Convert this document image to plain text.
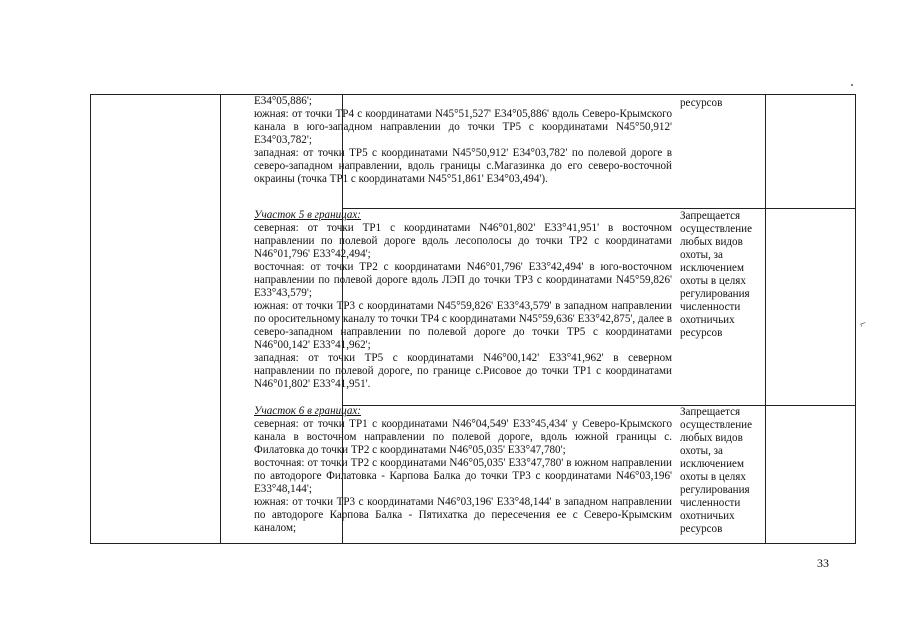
E34°05,886';

южная: от точки ТР4 с координатами N45°51,527' E34°05,886' вдоль Северо-Крымского канала в юго-западном направлении до точки ТР5 с координатами N45°50,912' E34°03,782';

западная: от точки ТР5 с координатами N45°50,912' E34°03,782' по полевой дороге в северо-западном направлении, вдоль границы с.Магазинка до его северо-восточной окраины (точка ТР1 с координатами N45°51,861' E34°03,494').

ресурсов

Участок 5 в границах:

северная: от точки ТР1 с координатами N46°01,802' E33°41,951' в восточном направлении по полевой дороге вдоль лесополосы до точки ТР2 с координатами N46°01,796' E33°42,494';

восточная: от точки ТР2 с координатами N46°01,796' E33°42,494' в юго-восточном направлении по полевой дороге вдоль ЛЭП до точки ТР3 с координатами N45°59,826' E33°43,579';

южная: от точки ТР3 с координатами N45°59,826' E33°43,579' в западном направлении по оросительному каналу то точки ТР4 с координатами N45°59,636' E33°42,875', далее в северо-западном направлении по полевой дороге до точки ТР5 с координатами N46°00,142' E33°41,962';

западная: от точки ТР5 с координатами N46°00,142' E33°41,962' в северном направлении по полевой дороге, по границе с.Рисовое до точки ТР1 с координатами N46°01,802' E33°41,951'.

Запрещается
осуществление
любых видов
охоты, за
исключением
охоты в целях
регулирования
численности
охотничьих
ресурсов

Участок 6 в границах:

северная: от точки ТР1 с координатами N46°04,549' E33°45,434' у Северо-Крымского канала в восточном направлении по полевой дороге, вдоль южной границы с. Филатовка до точки ТР2 с координатами N46°05,035' E33°47,780';

восточная: от точки ТР2 с координатами N46°05,035' E33°47,780' в южном направлении по автодороге Филатовка - Карпова Балка до точки ТР3 с координатами N46°03,196' E33°48,144';

южная: от точки ТР3 с координатами N46°03,196' E33°48,144' в западном направлении по автодороге Карпова Балка - Пятихатка до пересечения ее с Северо-Крымским каналом;

Запрещается
осуществление
любых видов
охоты, за
исключением
охоты в целях
регулирования
численности
охотничьих
ресурсов
33
⌐
